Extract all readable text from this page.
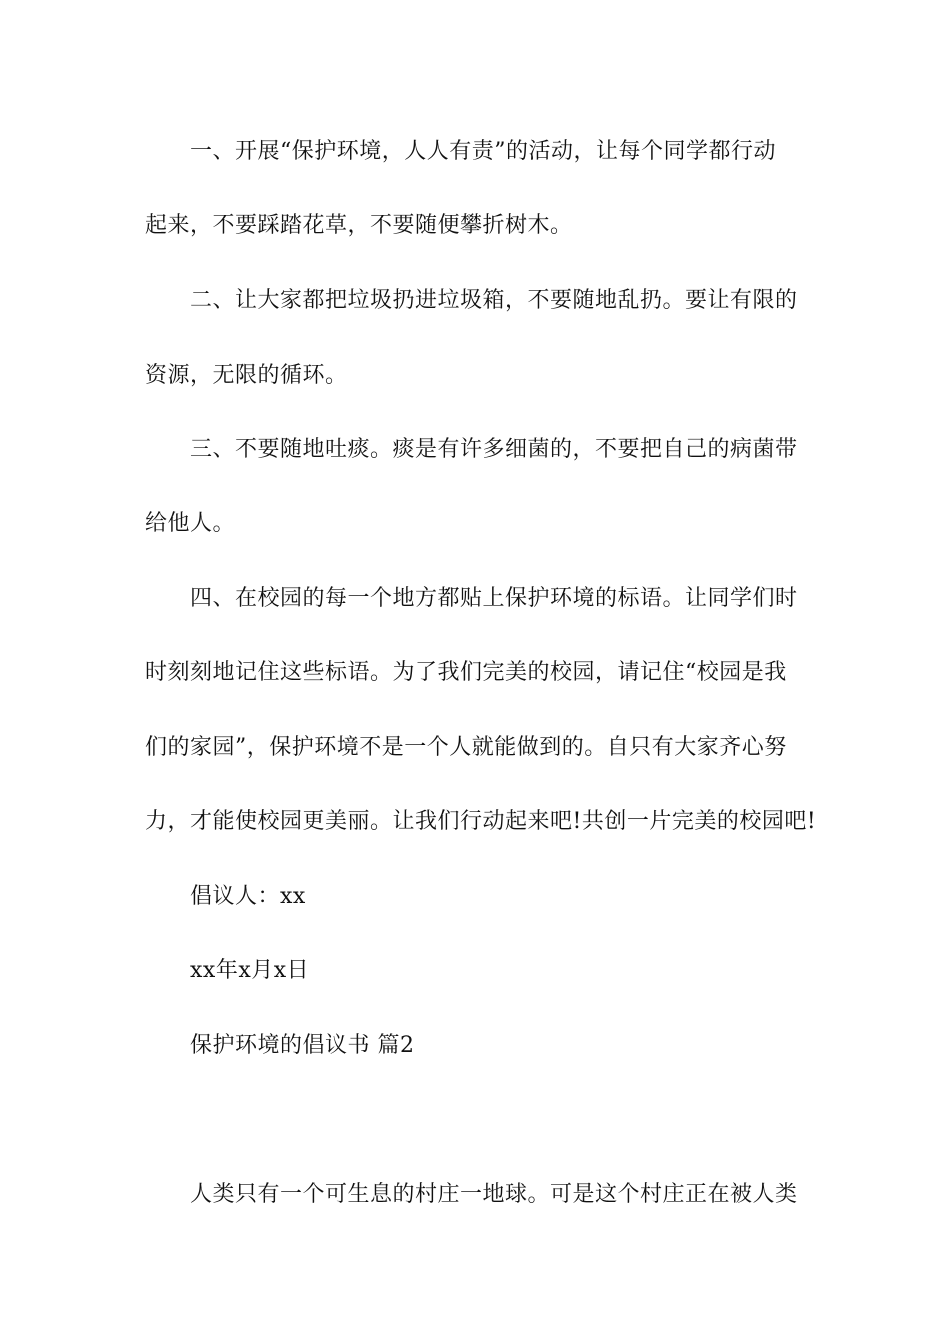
一、开展“保护环境，人人有责”的活动，让每个同学都行动
起来，不要踩踏花草，不要随便攀折树木。
二、让大家都把垃圾扔进垃圾箱，不要随地乱扔。要让有限的
资源，无限的循环。
三、不要随地吐痰。痰是有许多细菌的，不要把自己的病菌带
给他人。
四、在校园的每一个地方都贴上保护环境的标语。让同学们时
时刻刻地记住这些标语。为了我们完美的校园，请记住“校园是我
们的家园”，保护环境不是一个人就能做到的。自只有大家齐心努
力，才能使校园更美丽。让我们行动起来吧!共创一片完美的校园吧!
倡议人：xx
xx年x月x日
保护环境的倡议书 篇2
人类只有一个可生息的村庄一地球。可是这个村庄正在被人类
